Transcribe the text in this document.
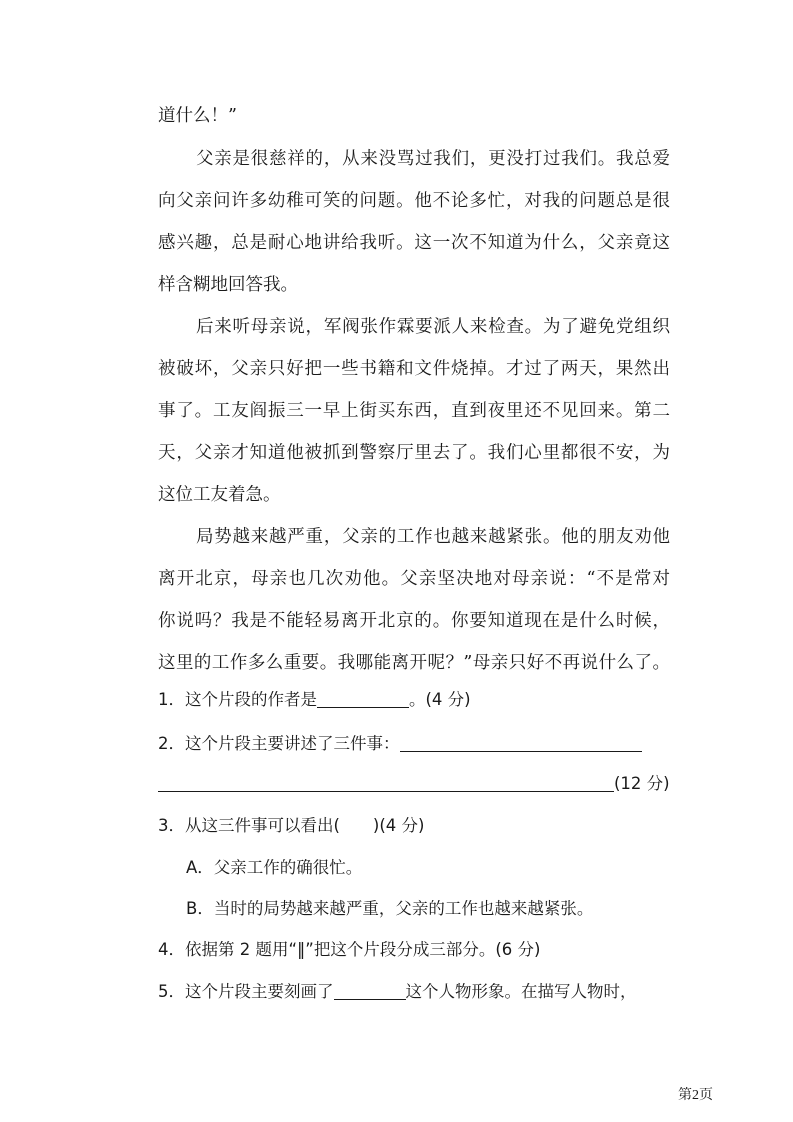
道什么！”
父亲是很慈祥的，从来没骂过我们，更没打过我们。我总爱
向父亲问许多幼稚可笑的问题。他不论多忙，对我的问题总是很
感兴趣，总是耐心地讲给我听。这一次不知道为什么，父亲竟这
样含糊地回答我。
后来听母亲说，军阀张作霖要派人来检查。为了避免党组织
被破坏，父亲只好把一些书籍和文件烧掉。才过了两天，果然出
事了。工友阎振三一早上街买东西，直到夜里还不见回来。第二
天，父亲才知道他被抓到警察厅里去了。我们心里都很不安，为
这位工友着急。
局势越来越严重，父亲的工作也越来越紧张。他的朋友劝他
离开北京，母亲也几次劝他。父亲坚决地对母亲说：“不是常对
你说吗？我是不能轻易离开北京的。你要知道现在是什么时候，
这里的工作多么重要。我哪能离开呢？”母亲只好不再说什么了。
1．这个片段的作者是	。(4 分)
2．这个片段主要讲述了三件事：
(12 分)
3．从这三件事可以看出(　　)(4 分)
A．父亲工作的确很忙。
B．当时的局势越来越严重，父亲的工作也越来越紧张。
4．依据第 2 题用“‖”把这个片段分成三部分。(6 分)
5．这个片段主要刻画了	这个人物形象。在描写人物时，
第2页
